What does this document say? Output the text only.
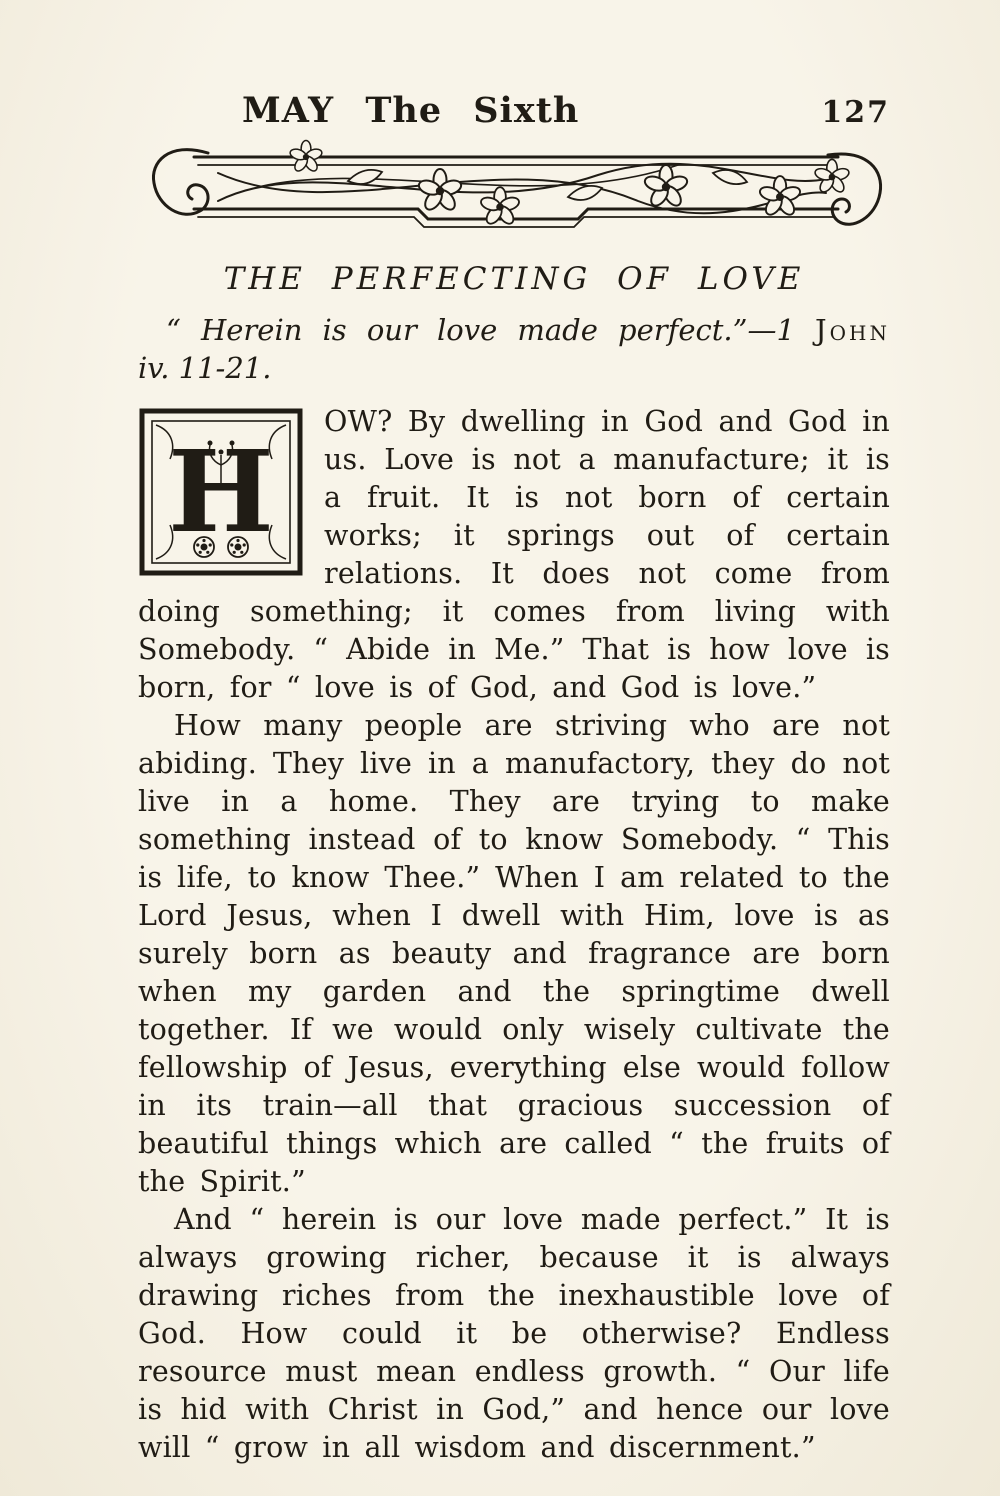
MAY The Sixth	127
THE PERFECTING OF LOVE

“ Herein is our love made perfect.”—1 John
iv. 11-21.

H
OW? By dwelling in God and God in us. Love is not a manufacture; it is a fruit. It is not born of certain works; it springs out of certain relations. It does not come from doing something; it comes from living with Somebody. “ Abide in Me.” That is how love is born, for “ love is of God, and God is love.”

How many people are striving who are not abiding. They live in a manufactory, they do not live in a home. They are trying to make something instead of to know Somebody. “ This is life, to know Thee.” When I am related to the Lord Jesus, when I dwell with Him, love is as surely born as beauty and fragrance are born when my garden and the springtime dwell together. If we would only wisely cultivate the fellowship of Jesus, everything else would follow in its train—all that gracious succession of beautiful things which are called “ the fruits of the Spirit.”

And “ herein is our love made perfect.” It is always growing richer, because it is always drawing riches from the inexhaustible love of God. How could it be otherwise? Endless resource must mean endless growth. “ Our life is hid with Christ in God,” and hence our love will “ grow in all wisdom and discernment.”
